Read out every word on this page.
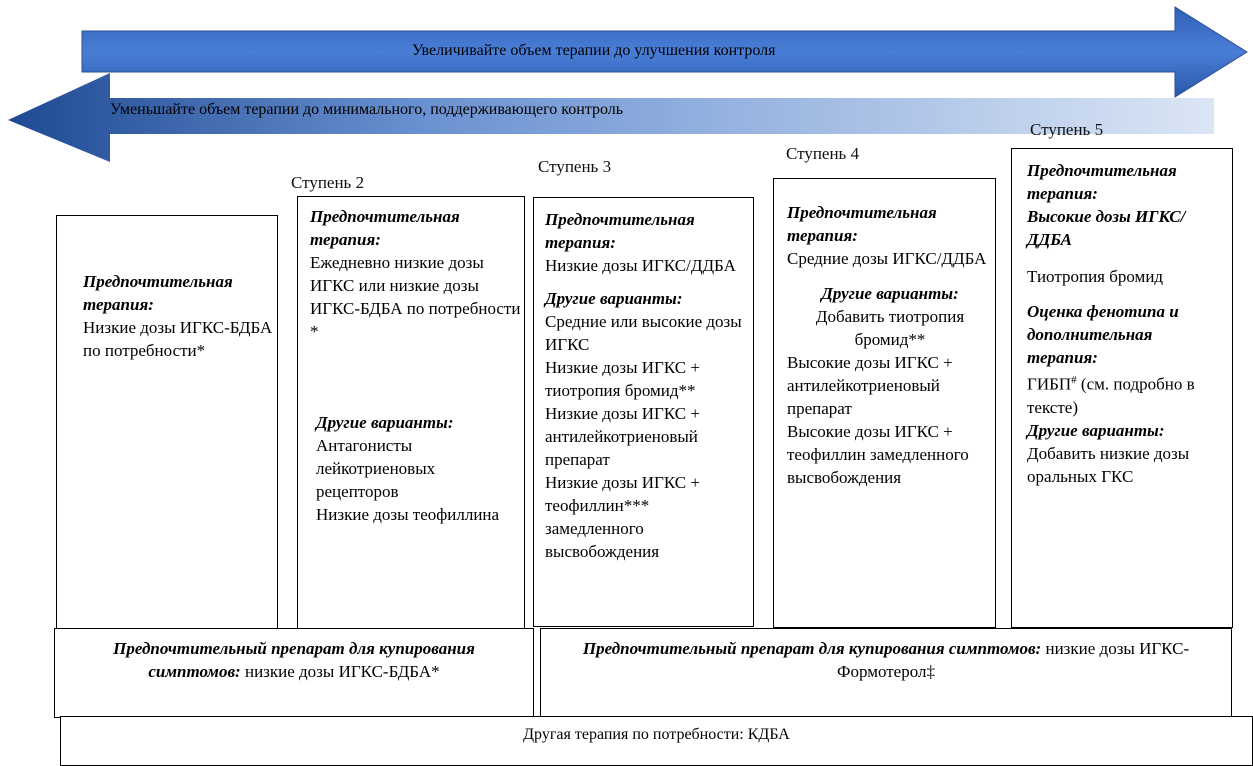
Увеличивайте объем терапии до улучшения контроля
Уменьшайте объем терапии до минимального, поддерживающего контроль
Ступень 2
Ступень 3
Ступень 4
Ступень 5
Предпочтительная терапия:
Низкие дозы ИГКС-БДБА по потребности*
Предпочтительная терапия:
Ежедневно низкие дозы ИГКС или низкие дозы ИГКС-БДБА по потребности *
Другие варианты:
Антагонисты лейкотриеновых рецепторов
Низкие дозы теофиллина
Предпочтительная терапия:
Низкие дозы ИГКС/ДДБА
Другие варианты:
Средние или высокие дозы ИГКС
Низкие дозы ИГКС + тиотропия бромид**
Низкие дозы ИГКС + антилейкотриеновый препарат
Низкие дозы ИГКС + теофиллин*** замедленного высвобождения
Предпочтительная терапия:
Средние дозы ИГКС/ДДБА
Другие варианты:
Добавить тиотропия бромид**
Высокие дозы ИГКС + антилейкотриеновый препарат
Высокие дозы ИГКС + теофиллин замедленного высвобождения
Предпочтительная терапия:
Высокие дозы ИГКС/ДДБА
Тиотропия бромид
Оценка фенотипа и дополнительная терапия:
ГИБП# (см. подробно в тексте)
Другие варианты:
Добавить низкие дозы оральных ГКС
Предпочтительный препарат для купирования симптомов: низкие дозы ИГКС-БДБА*
Предпочтительный препарат для купирования симптомов: низкие дозы ИГКС-Формотерол‡
Другая терапия по потребности: КДБА
